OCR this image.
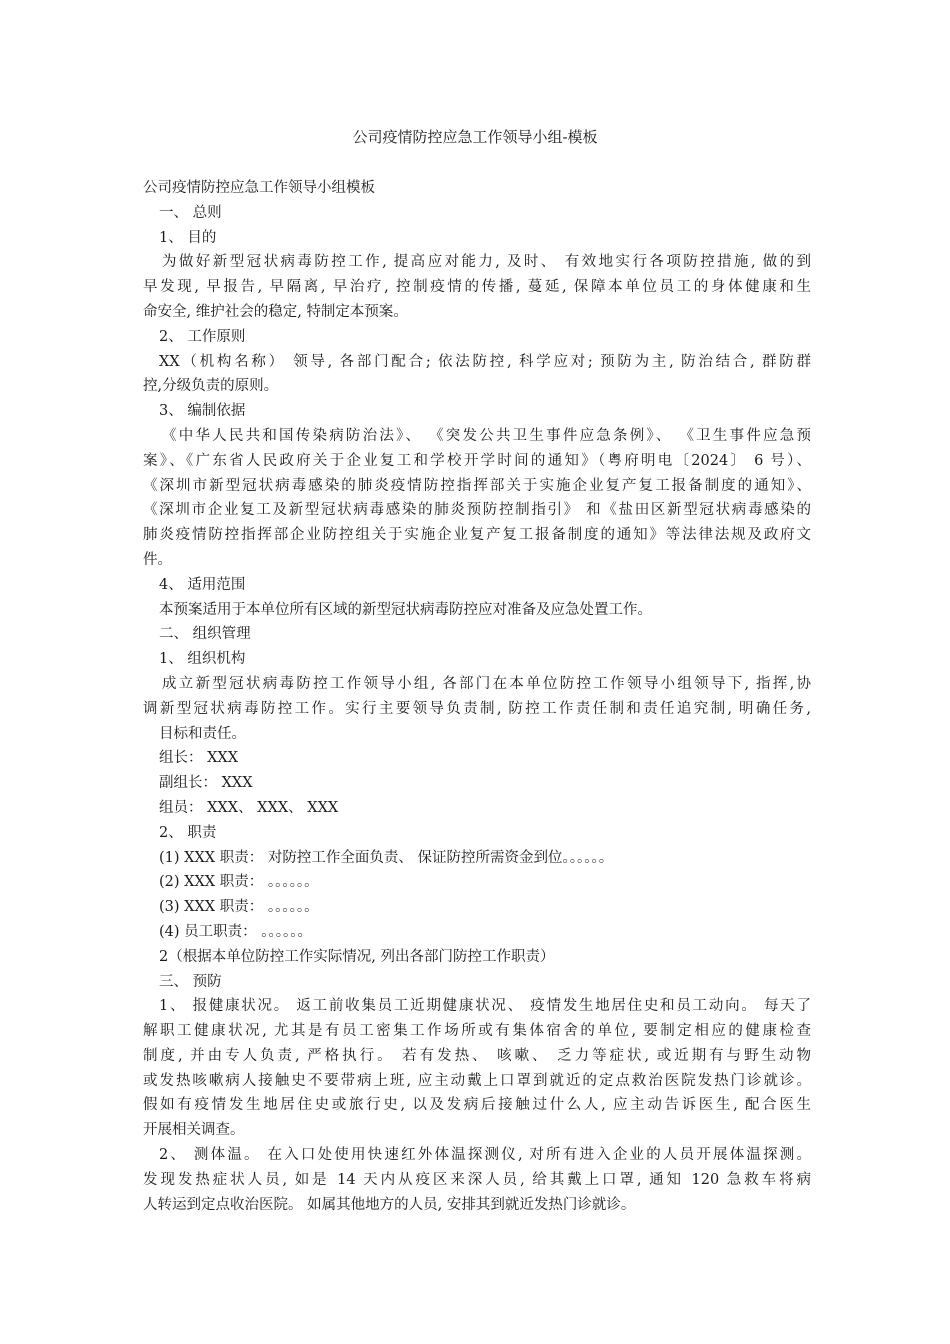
公司疫情防控应急工作领导小组-模板
公司疫情防控应急工作领导小组模板
一、 总则
1、 目的
为做好新型冠状病毒防控工作, 提高应对能力, 及时、 有效地实行各项防控措施, 做的到
早发现, 早报告, 早隔离, 早治疗, 控制疫情的传播, 蔓延, 保障本单位员工的身体健康和生
命安全, 维护社会的稳定, 特制定本预案。
2、 工作原则
XX（机构名称） 领导, 各部门配合; 依法防控, 科学应对; 预防为主, 防治结合, 群防群
控,分级负责的原则。
3、 编制依据
《中华人民共和国传染病防治法》、 《突发公共卫生事件应急条例》、 《卫生事件应急预
案》、《广东省人民政府关于企业复工和学校开学时间的通知》（粤府明电〔2024〕 6 号）、
《深圳市新型冠状病毒感染的肺炎疫情防控指挥部关于实施企业复产复工报备制度的通知》、
《深圳市企业复工及新型冠状病毒感染的肺炎预防控制指引》 和《盐田区新型冠状病毒感染的
肺炎疫情防控指挥部企业防控组关于实施企业复产复工报备制度的通知》等法律法规及政府文
件。
4、 适用范围
本预案适用于本单位所有区域的新型冠状病毒防控应对准备及应急处置工作。
二、 组织管理
1、 组织机构
成立新型冠状病毒防控工作领导小组, 各部门在本单位防控工作领导小组领导下, 指挥,协
调新型冠状病毒防控工作。实行主要领导负责制, 防控工作责任制和责任追究制, 明确任务,
目标和责任。
组长： XXX
副组长： XXX
组员： XXX、 XXX、 XXX
2、 职责
(1) XXX 职责： 对防控工作全面负责、 保证防控所需资金到位。。。。。。
(2) XXX 职责： 。。。。。。
(3) XXX 职责： 。。。。。。
(4) 员工职责： 。。。。。。
2（根据本单位防控工作实际情况, 列出各部门防控工作职责）
三、 预防
1、 报健康状况。 返工前收集员工近期健康状况、 疫情发生地居住史和员工动向。 每天了
解职工健康状况, 尤其是有员工密集工作场所或有集体宿舍的单位, 要制定相应的健康检查
制度, 并由专人负责, 严格执行。 若有发热、 咳嗽、 乏力等症状, 或近期有与野生动物
或发热咳嗽病人接触史不要带病上班, 应主动戴上口罩到就近的定点救治医院发热门诊就诊。
假如有疫情发生地居住史或旅行史, 以及发病后接触过什么人, 应主动告诉医生, 配合医生
开展相关调查。
2、 测体温。 在入口处使用快速红外体温探测仪, 对所有进入企业的人员开展体温探测。
发现发热症状人员, 如是 14 天内从疫区来深人员, 给其戴上口罩, 通知 120 急救车将病
人转运到定点收治医院。 如属其他地方的人员, 安排其到就近发热门诊就诊。
